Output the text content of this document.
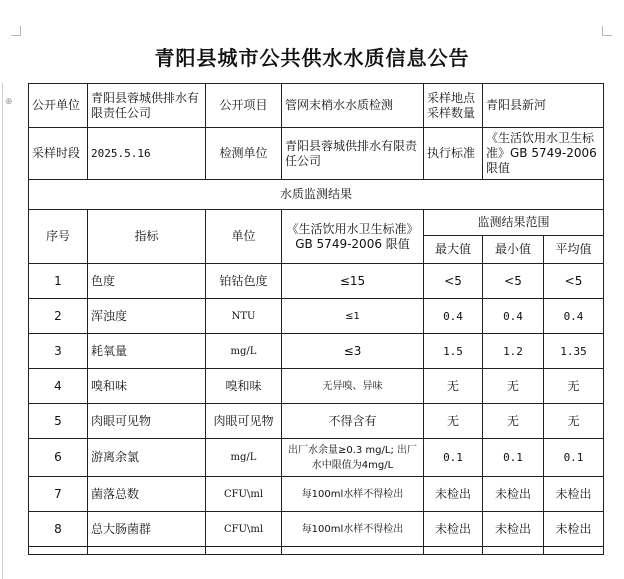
⊕
青阳县城市公共供水水质信息公告
公开单位	青阳县蓉城供排水有限责任公司	公开项目	管网末梢水水质检测	采样地点采样数量	青阳县新河	
采样时段	2025.5.16	检测单位	青阳县蓉城供排水有限责任公司	执行标准	《生活饮用水卫生标准》GB 5749-2006 限值	
水质监测结果						
序号	指标	单位	《生活饮用水卫生标准》GB 5749-2006 限值	监测结果范围		
				最大值	最小值	平均值
1	色度	铂钴色度	≤15	<5	<5	<5
2	浑浊度	NTU	≤1	0.4	0.4	0.4
3	耗氧量	mg/L	≤3	1.5	1.2	1.35
4	嗅和味	嗅和味	无异嗅、异味	无	无	无
5	肉眼可见物	肉眼可见物	不得含有	无	无	无
6	游离余氯	mg/L	出厂水余量≥0.3 mg/L; 出厂水中限值为4mg/L	0.1	0.1	0.1
7	菌落总数	CFU\ml	每100ml水样不得检出	未检出	未检出	未检出
8	总大肠菌群	CFU\ml	每100ml水样不得检出	未检出	未检出	未检出
